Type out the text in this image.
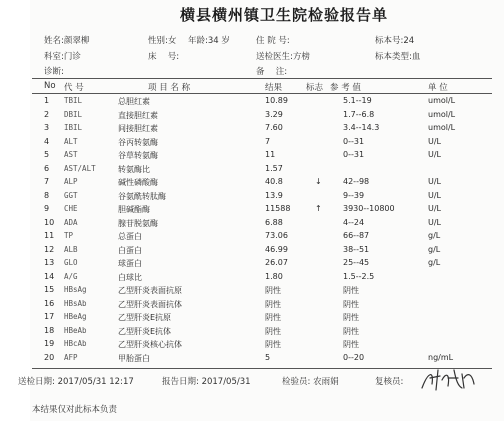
横县横州镇卫生院检验报告单
姓名:颜翠柳	性别:女 年龄:34 岁	住 院 号:	标本号:24
科室:门诊	床　 号:	送检医生:方榜	标本类型:血
诊断:	备　 注:
No 代 号	项 目 名 称	结果	标志 参 考 值	单 位
1 TBIL	总胆红素	10.89	5.1--19	umol/L
2 DBIL	直接胆红素	3.29	1.7--6.8	umol/L
3 IBIL	间接胆红素	7.60	3.4--14.3	umol/L
4 ALT	谷丙转氨酶	7	0--31	U/L
5 AST	谷草转氨酶	11	0--31	U/L
6 AST/ALT	转氨酶比	1.57
7 ALP	碱性磷酸酶	40.8	↓	42--98	U/L
8 GGT	谷氨酰转肽酶	13.9	9--39	U/L
9 CHE	胆碱酯酶	11588	↑	3930--10800	U/L
10 ADA	腺苷脱氨酶	6.88	4--24	U/L
11 TP	总蛋白	73.06	66--87	g/L
12 ALB	白蛋白	46.99	38--51	g/L
13 GLO	球蛋白	26.07	25--45	g/L
14 A/G	白球比	1.80	1.5--2.5
15 HBsAg	乙型肝炎表面抗原	阴性	阴性
16 HBsAb	乙型肝炎表面抗体	阴性	阴性
17 HBeAg	乙型肝炎E抗原	阴性	阴性
18 HBeAb	乙型肝炎E抗体	阴性	阴性
19 HBcAb	乙型肝炎核心抗体	阴性	阴性
20 AFP	甲胎蛋白	5	0--20	ng/mL
送检日期: 2017/05/31 12:17	报告日期: 2017/05/31	检验员: 农雨娟	复核员:
本结果仅对此标本负责
